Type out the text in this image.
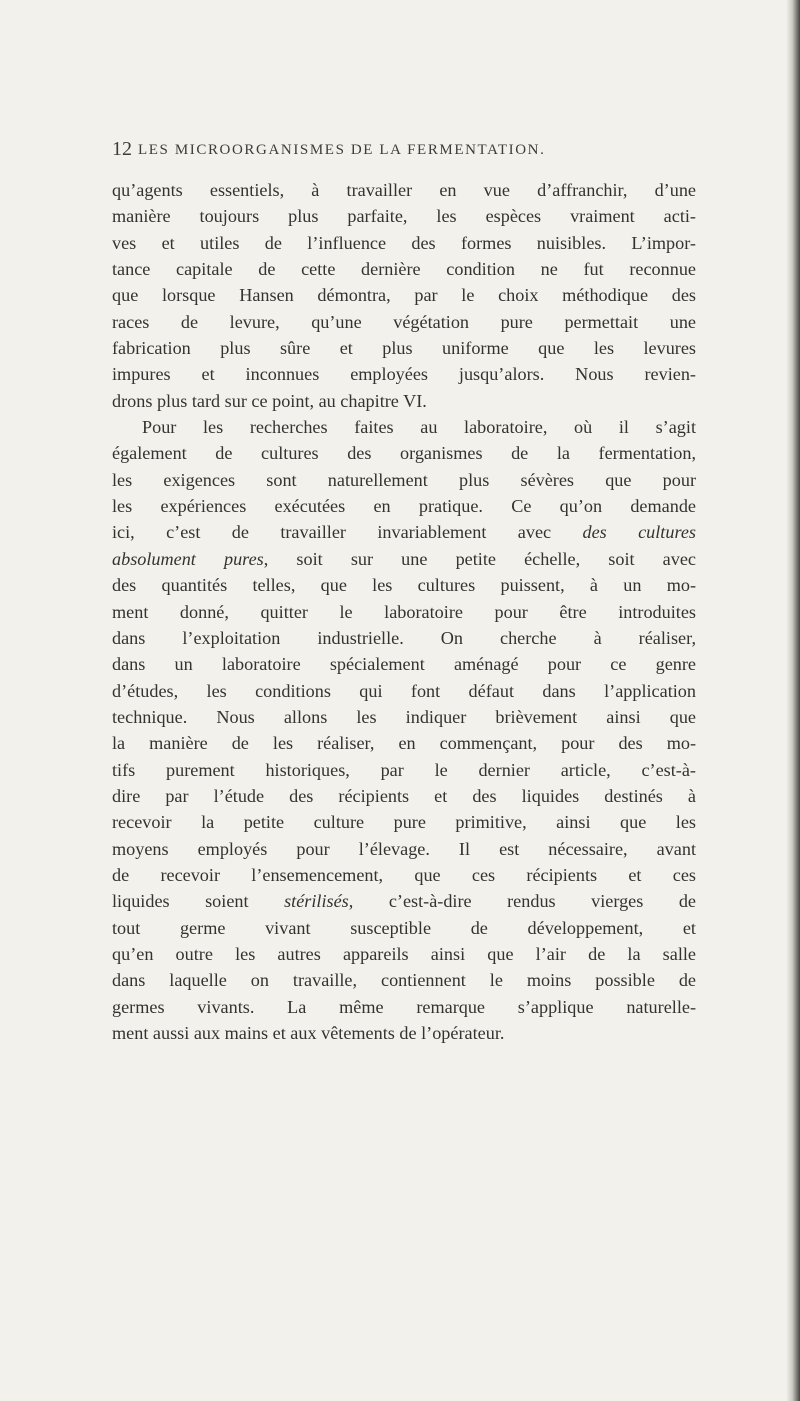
12 LES MICROORGANISMES DE LA FERMENTATION.

qu’agents essentiels, à travailler en vue d’affranchir, d’une
manière toujours plus parfaite, les espèces vraiment acti-
ves et utiles de l’influence des formes nuisibles. L’impor-
tance capitale de cette dernière condition ne fut reconnue
que lorsque Hansen démontra, par le choix méthodique des
races de levure, qu’une végétation pure permettait une
fabrication plus sûre et plus uniforme que les levures
impures et inconnues employées jusqu’alors. Nous revien-
drons plus tard sur ce point, au chapitre VI.

Pour les recherches faites au laboratoire, où il s’agit
également de cultures des organismes de la fermentation,
les exigences sont naturellement plus sévères que pour
les expériences exécutées en pratique. Ce qu’on demande
ici, c’est de travailler invariablement avec des cultures
absolument pures, soit sur une petite échelle, soit avec
des quantités telles, que les cultures puissent, à un mo-
ment donné, quitter le laboratoire pour être introduites
dans l’exploitation industrielle. On cherche à réaliser,
dans un laboratoire spécialement aménagé pour ce genre
d’études, les conditions qui font défaut dans l’application
technique. Nous allons les indiquer brièvement ainsi que
la manière de les réaliser, en commençant, pour des mo-
tifs purement historiques, par le dernier article, c’est-à-
dire par l’étude des récipients et des liquides destinés à
recevoir la petite culture pure primitive, ainsi que les
moyens employés pour l’élevage. Il est nécessaire, avant
de recevoir l’ensemencement, que ces récipients et ces
liquides soient stérilisés, c’est-à-dire rendus vierges de
tout germe vivant susceptible de développement, et
qu’en outre les autres appareils ainsi que l’air de la salle
dans laquelle on travaille, contiennent le moins possible de
germes vivants. La même remarque s’applique naturelle-
ment aussi aux mains et aux vêtements de l’opérateur.
